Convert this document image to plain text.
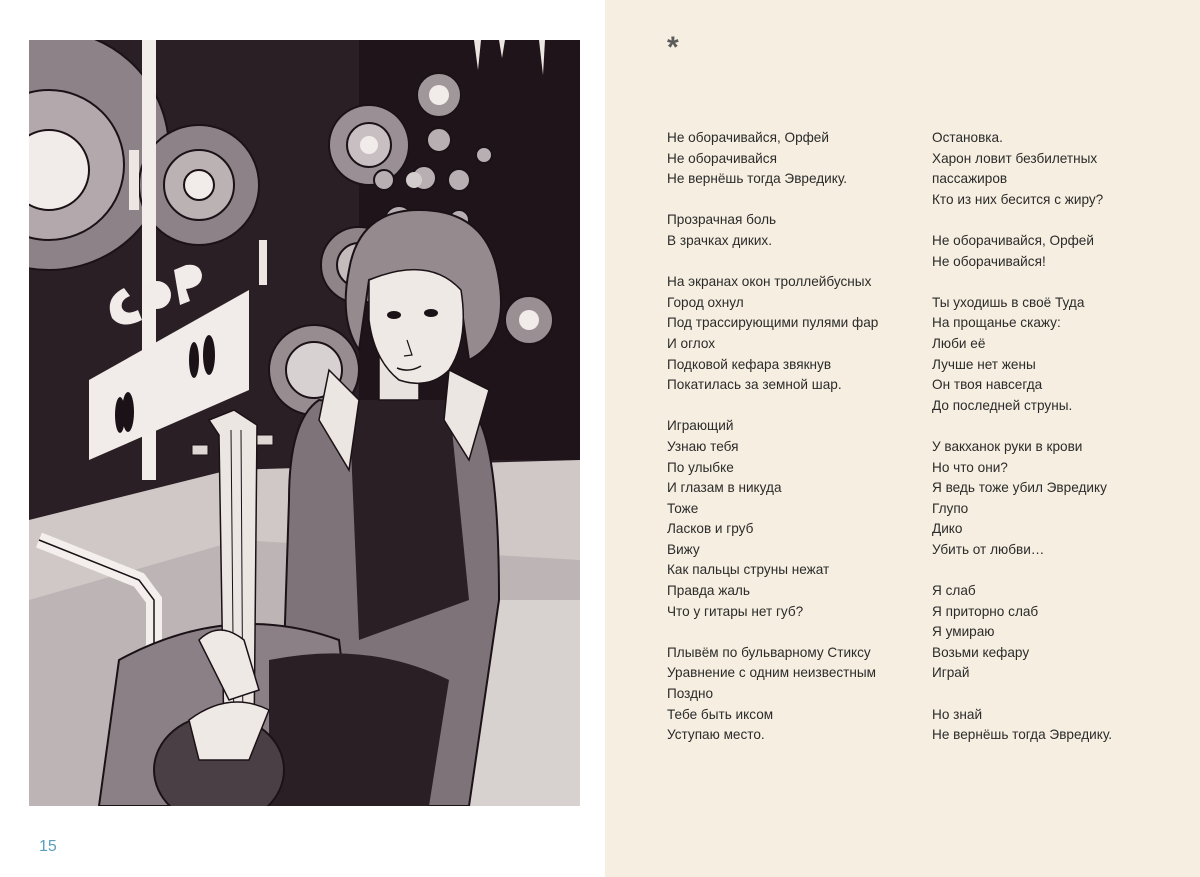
15
*
Не оборачивайся, Орфей
Не оборачивайся
Не вернёшь тогда Эвредику.
Прозрачная боль
В зрачках диких.
На экранах окон троллейбусных
Город охнул
Под трассирующими пулями фар
И оглох
Подковой кефара звякнув
Покатилась за земной шар.
Играющий
Узнаю тебя
По улыбке
И глазам в никуда
Тоже
Ласков и груб
Вижу
Как пальцы струны нежат
Правда жаль
Что у гитары нет губ?
Плывём по бульварному Стиксу
Уравнение с одним неизвестным
Поздно
Тебе быть иксом
Уступаю место.
Остановка.
Харон ловит безбилетных
пассажиров
Кто из них бесится с жиру?
Не оборачивайся, Орфей
Не оборачивайся!
Ты уходишь в своё Туда
На прощанье скажу:
Люби её
Лучше нет жены
Он твоя навсегда
До последней струны.
У вакханок руки в крови
Но что они?
Я ведь тоже убил Эвредику
Глупо
Дико
Убить от любви…
Я слаб
Я приторно слаб
Я умираю
Возьми кефару
Играй
Но знай
Не вернёшь тогда Эвредику.
